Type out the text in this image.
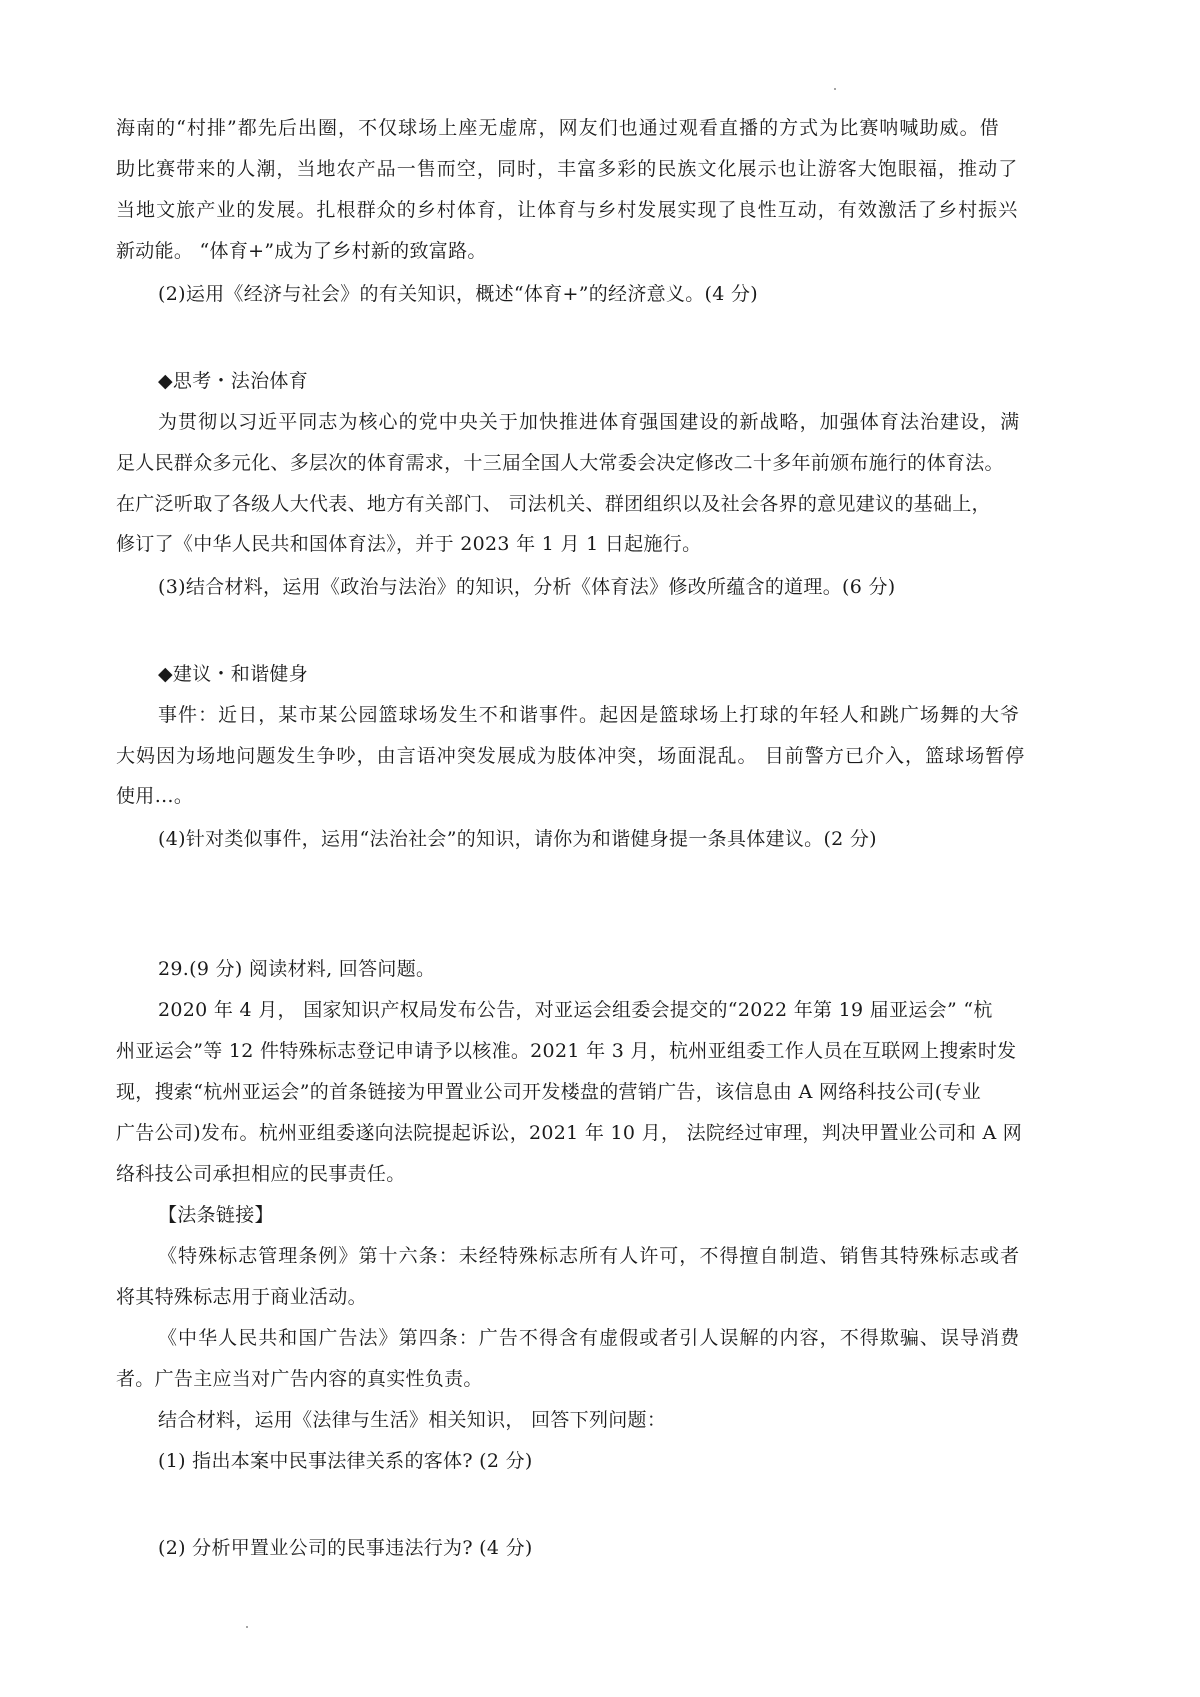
海南的“村排”都先后出圈，不仅球场上座无虚席，网友们也通过观看直播的方式为比赛呐喊助威。借
助比赛带来的人潮，当地农产品一售而空，同时，丰富多彩的民族文化展示也让游客大饱眼福，推动了
当地文旅产业的发展。扎根群众的乡村体育，让体育与乡村发展实现了良性互动，有效激活了乡村振兴
新动能。 “体育+”成为了乡村新的致富路。
(2)运用《经济与社会》的有关知识，概述“体育+”的经济意义。(4 分)
◆思考・法治体育
为贯彻以习近平同志为核心的党中央关于加快推进体育强国建设的新战略，加强体育法治建设，满
足人民群众多元化、多层次的体育需求，十三届全国人大常委会决定修改二十多年前颁布施行的体育法。
在广泛听取了各级人大代表、地方有关部门、 司法机关、群团组织以及社会各界的意见建议的基础上，
修订了《中华人民共和国体育法》，并于 2023 年 1 月 1 日起施行。
(3)结合材料，运用《政治与法治》的知识，分析《体育法》修改所蕴含的道理。(6 分)
◆建议・和谐健身
事件：近日，某市某公园篮球场发生不和谐事件。起因是篮球场上打球的年轻人和跳广场舞的大爷
大妈因为场地问题发生争吵，由言语冲突发展成为肢体冲突，场面混乱。 目前警方已介入，篮球场暂停
使用…。
(4)针对类似事件，运用“法治社会”的知识，请你为和谐健身提一条具体建议。(2 分)
29.(9 分) 阅读材料, 回答问题。
2020 年 4 月， 国家知识产权局发布公告，对亚运会组委会提交的“2022 年第 19 届亚运会” “杭
州亚运会”等 12 件特殊标志登记申请予以核准。2021 年 3 月，杭州亚组委工作人员在互联网上搜索时发
现，搜索“杭州亚运会”的首条链接为甲置业公司开发楼盘的营销广告，该信息由 A 网络科技公司(专业
广告公司)发布。杭州亚组委遂向法院提起诉讼，2021 年 10 月， 法院经过审理，判决甲置业公司和 A 网
络科技公司承担相应的民事责任。
【法条链接】
《特殊标志管理条例》第十六条：未经特殊标志所有人许可，不得擅自制造、销售其特殊标志或者
将其特殊标志用于商业活动。
《中华人民共和国广告法》第四条：广告不得含有虚假或者引人误解的内容，不得欺骗、误导消费
者。广告主应当对广告内容的真实性负责。
结合材料，运用《法律与生活》相关知识， 回答下列问题：
(1) 指出本案中民事法律关系的客体? (2 分)
(2) 分析甲置业公司的民事违法行为? (4 分)
